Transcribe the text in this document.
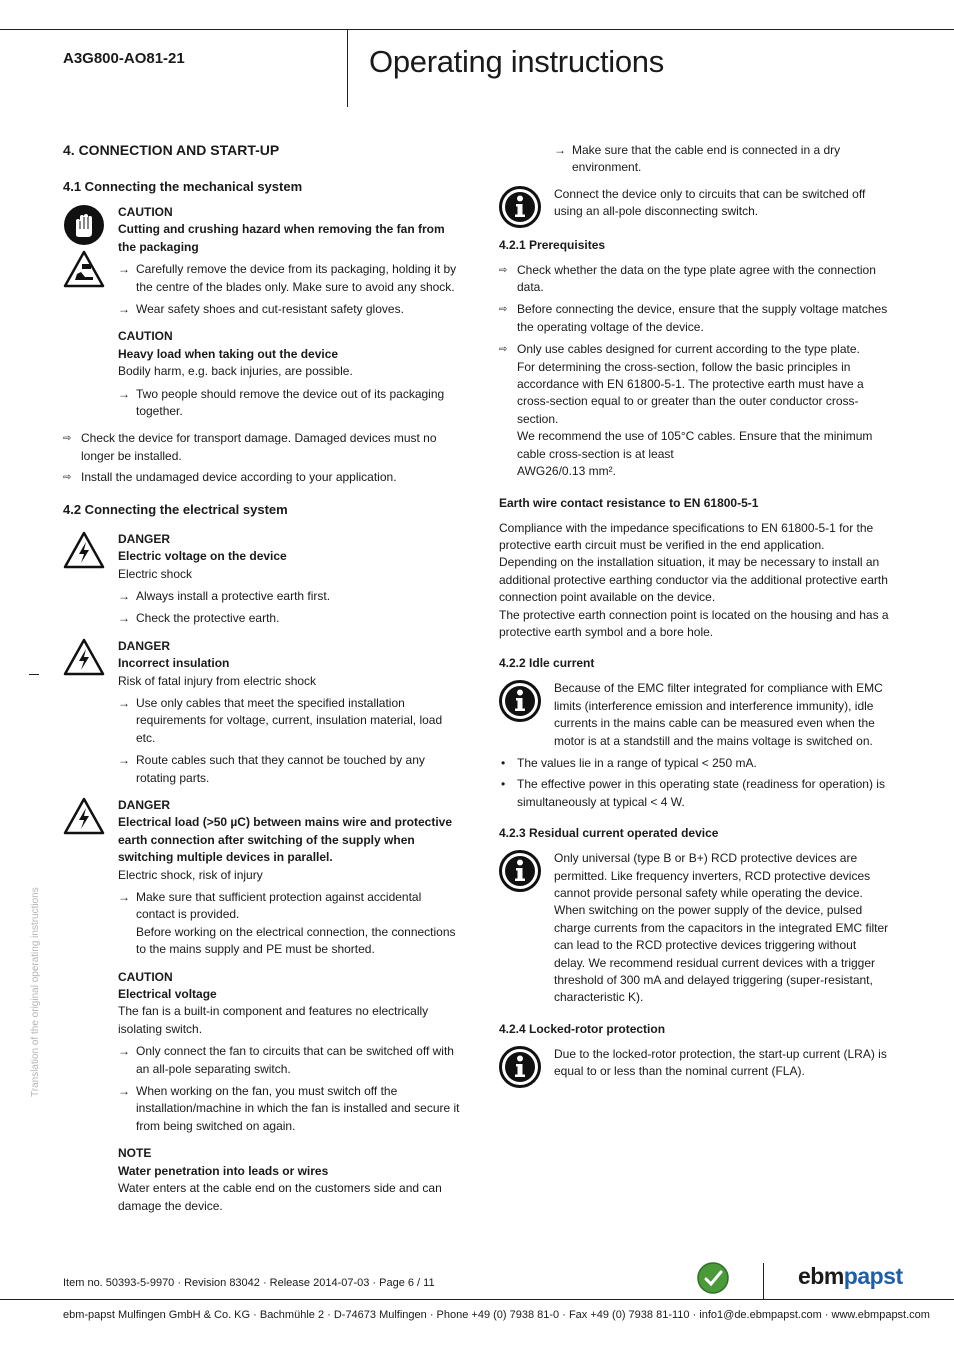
A3G800-AO81-21	Operating instructions
Translation of the original operating instructions
4. CONNECTION AND START-UP
4.1 Connecting the mechanical system
CAUTION
Cutting and crushing hazard when removing the fan from the packaging
→ Carefully remove the device from its packaging, holding it by the centre of the blades only. Make sure to avoid any shock.
→ Wear safety shoes and cut-resistant safety gloves.
CAUTION
Heavy load when taking out the device
Bodily harm, e.g. back injuries, are possible.
→ Two people should remove the device out of its packaging together.
⇨ Check the device for transport damage. Damaged devices must no longer be installed.
⇨ Install the undamaged device according to your application.
4.2 Connecting the electrical system
DANGER
Electric voltage on the device
Electric shock
→ Always install a protective earth first.
→ Check the protective earth.
DANGER
Incorrect insulation
Risk of fatal injury from electric shock
→ Use only cables that meet the specified installation requirements for voltage, current, insulation material, load etc.
→ Route cables such that they cannot be touched by any rotating parts.
DANGER
Electrical load (>50 µC) between mains wire and protective earth connection after switching of the supply when switching multiple devices in parallel.
Electric shock, risk of injury
→ Make sure that sufficient protection against accidental contact is provided.
Before working on the electrical connection, the connections to the mains supply and PE must be shorted.
CAUTION
Electrical voltage
The fan is a built-in component and features no electrically isolating switch.
→ Only connect the fan to circuits that can be switched off with an all-pole separating switch.
→ When working on the fan, you must switch off the installation/machine in which the fan is installed and secure it from being switched on again.
NOTE
Water penetration into leads or wires
Water enters at the cable end on the customers side and can damage the device.
→ Make sure that the cable end is connected in a dry environment.

Connect the device only to circuits that can be switched off using an all-pole disconnecting switch.

4.2.1 Prerequisites
⇨ Check whether the data on the type plate agree with the connection data.
⇨ Before connecting the device, ensure that the supply voltage matches the operating voltage of the device.
⇨ Only use cables designed for current according to the type plate.
For determining the cross-section, follow the basic principles in accordance with EN 61800-5-1. The protective earth must have a cross-section equal to or greater than the outer conductor cross-section.
We recommend the use of 105°C cables. Ensure that the minimum cable cross-section is at least
AWG26/0.13 mm².
Earth wire contact resistance to EN 61800-5-1

Compliance with the impedance specifications to EN 61800-5-1 for the protective earth circuit must be verified in the end application.

Depending on the installation situation, it may be necessary to install an additional protective earthing conductor via the additional protective earth connection point available on the device.

The protective earth connection point is located on the housing and has a protective earth symbol and a bore hole.

4.2.2 Idle current

Because of the EMC filter integrated for compliance with EMC limits (interference emission and interference immunity), idle currents in the mains cable can be measured even when the motor is at a standstill and the mains voltage is switched on.

• The values lie in a range of typical < 250 mA.
• The effective power in this operating state (readiness for operation) is simultaneously at typical < 4 W.
4.2.3 Residual current operated device

Only universal (type B or B+) RCD protective devices are permitted. Like frequency inverters, RCD protective devices cannot provide personal safety while operating the device. When switching on the power supply of the device, pulsed charge currents from the capacitors in the integrated EMC filter can lead to the RCD protective devices triggering without delay. We recommend residual current devices with a trigger threshold of 300 mA and delayed triggering (super-resistant, characteristic K).

4.2.4 Locked-rotor protection

Due to the locked-rotor protection, the start-up current (LRA) is equal to or less than the nominal current (FLA).

Item no. 50393-5-9970 · Revision 83042 · Release 2014-07-03 · Page 6 / 11	ebmpapst
ebm-papst Mulfingen GmbH & Co. KG · Bachmühle 2 · D-74673 Mulfingen · Phone +49 (0) 7938 81-0 · Fax +49 (0) 7938 81-110 · info1@de.ebmpapst.com · www.ebmpapst.com
